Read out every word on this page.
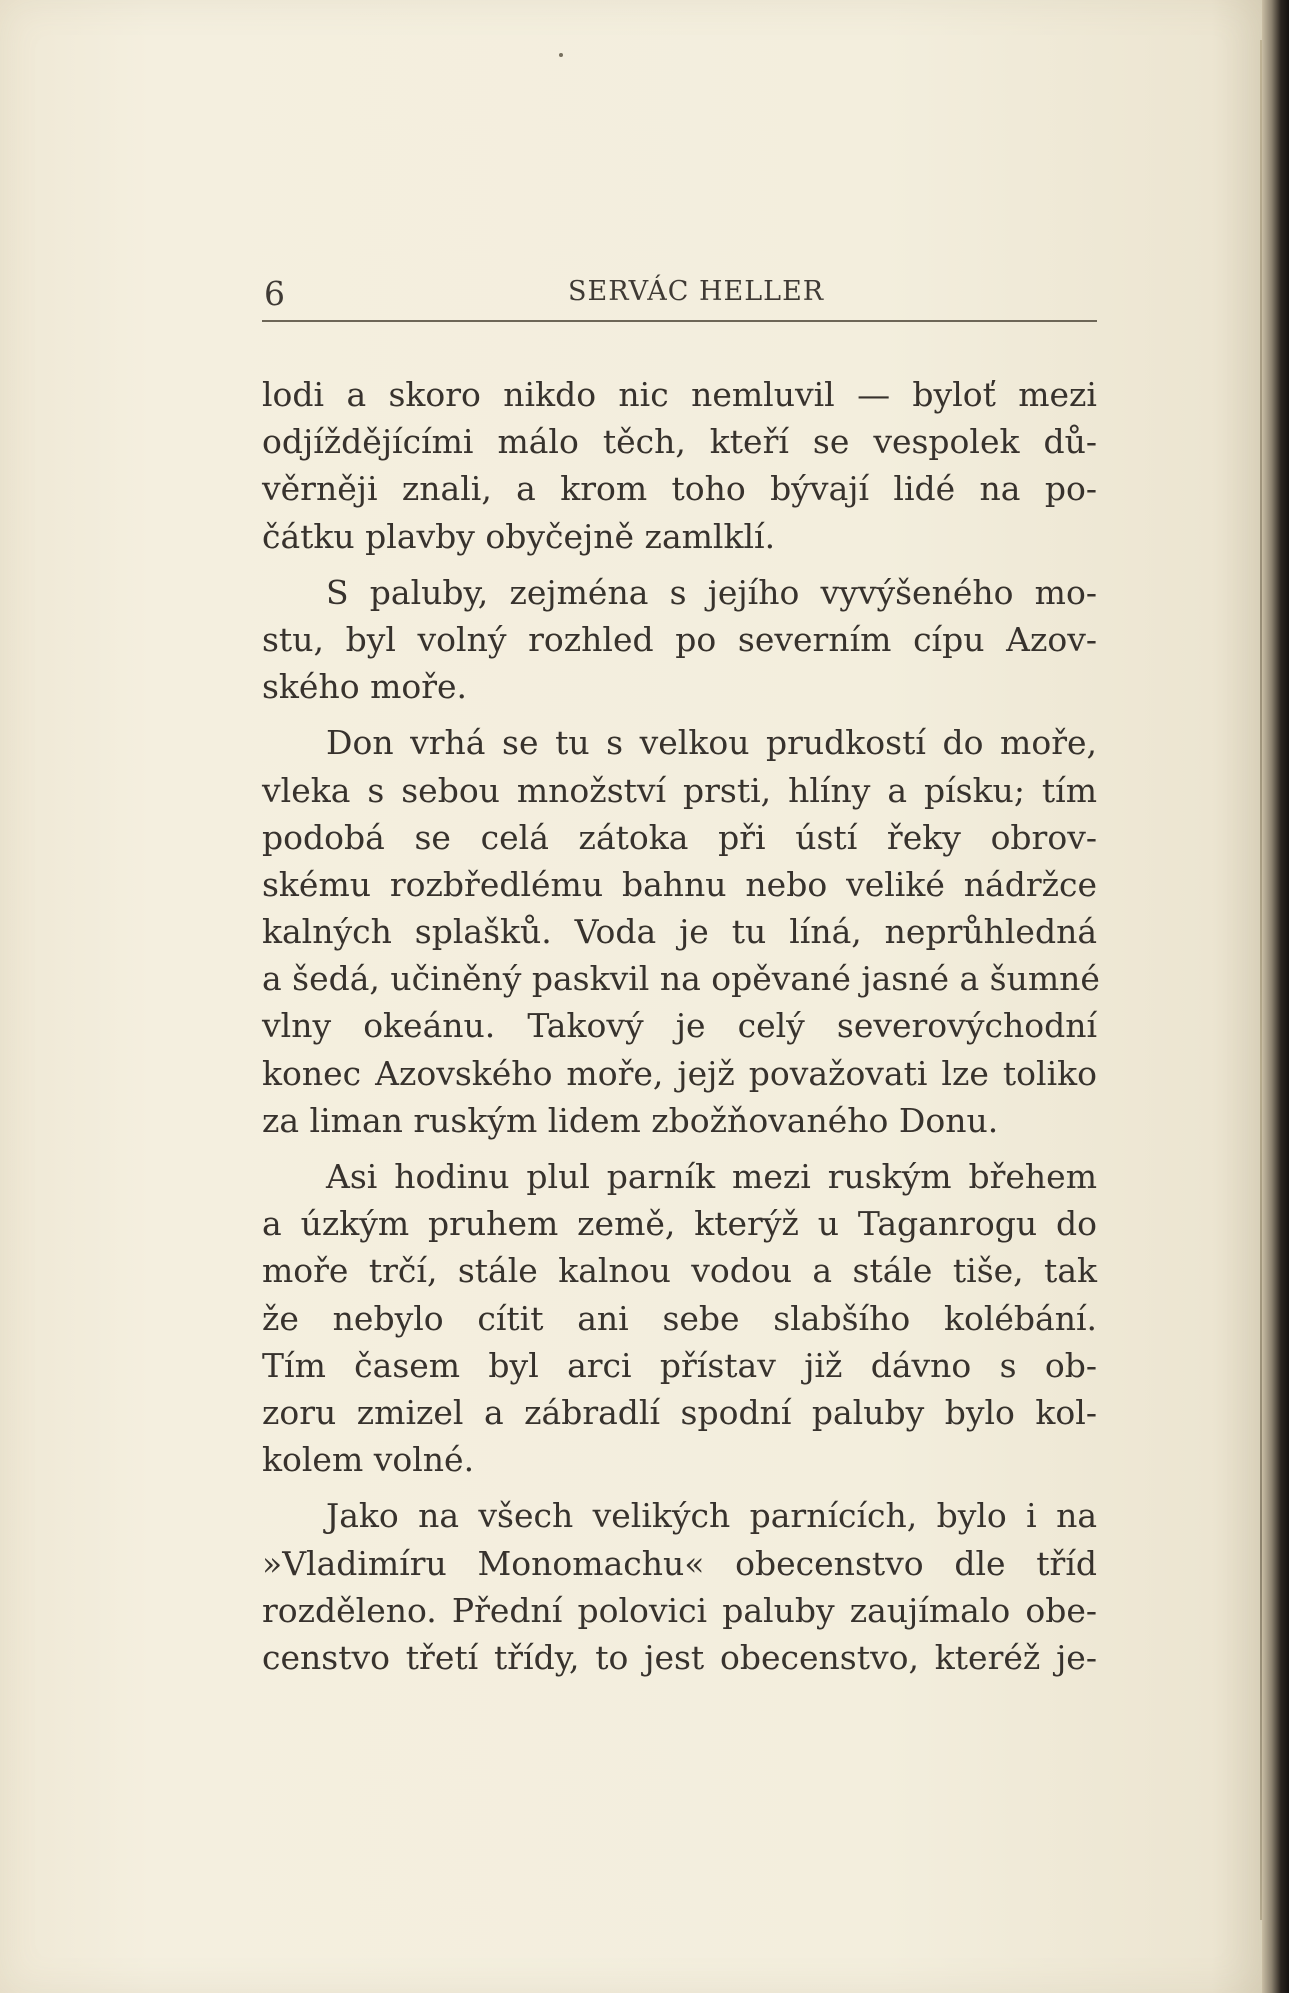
6	SERVÁC HELLER
lodi a skoro nikdo nic nemluvil — byloť mezi
odjíždějícími málo těch, kteří se vespolek dů-
věrněji znali, a krom toho bývají lidé na po-
čátku plavby obyčejně zamlklí.
S paluby, zejména s jejího vyvýšeného mo-
stu, byl volný rozhled po severním cípu Azov-
ského moře.
Don vrhá se tu s velkou prudkostí do moře,
vleka s sebou množství prsti, hlíny a písku; tím
podobá se celá zátoka při ústí řeky obrov-
skému rozbředlému bahnu nebo veliké nádržce
kalných splašků. Voda je tu líná, neprůhledná
a šedá, učiněný paskvil na opěvané jasné a šumné
vlny okeánu. Takový je celý severovýchodní
konec Azovského moře, jejž považovati lze toliko
za liman ruským lidem zbožňovaného Donu.
Asi hodinu plul parník mezi ruským břehem
a úzkým pruhem země, kterýž u Taganrogu do
moře trčí, stále kalnou vodou a stále tiše, tak
že nebylo cítit ani sebe slabšího kolébání.
Tím časem byl arci přístav již dávno s ob-
zoru zmizel a zábradlí spodní paluby bylo kol-
kolem volné.
Jako na všech velikých parnících, bylo i na
»Vladimíru Monomachu« obecenstvo dle tříd
rozděleno. Přední polovici paluby zaujímalo obe-
censtvo třetí třídy, to jest obecenstvo, kteréž je-
